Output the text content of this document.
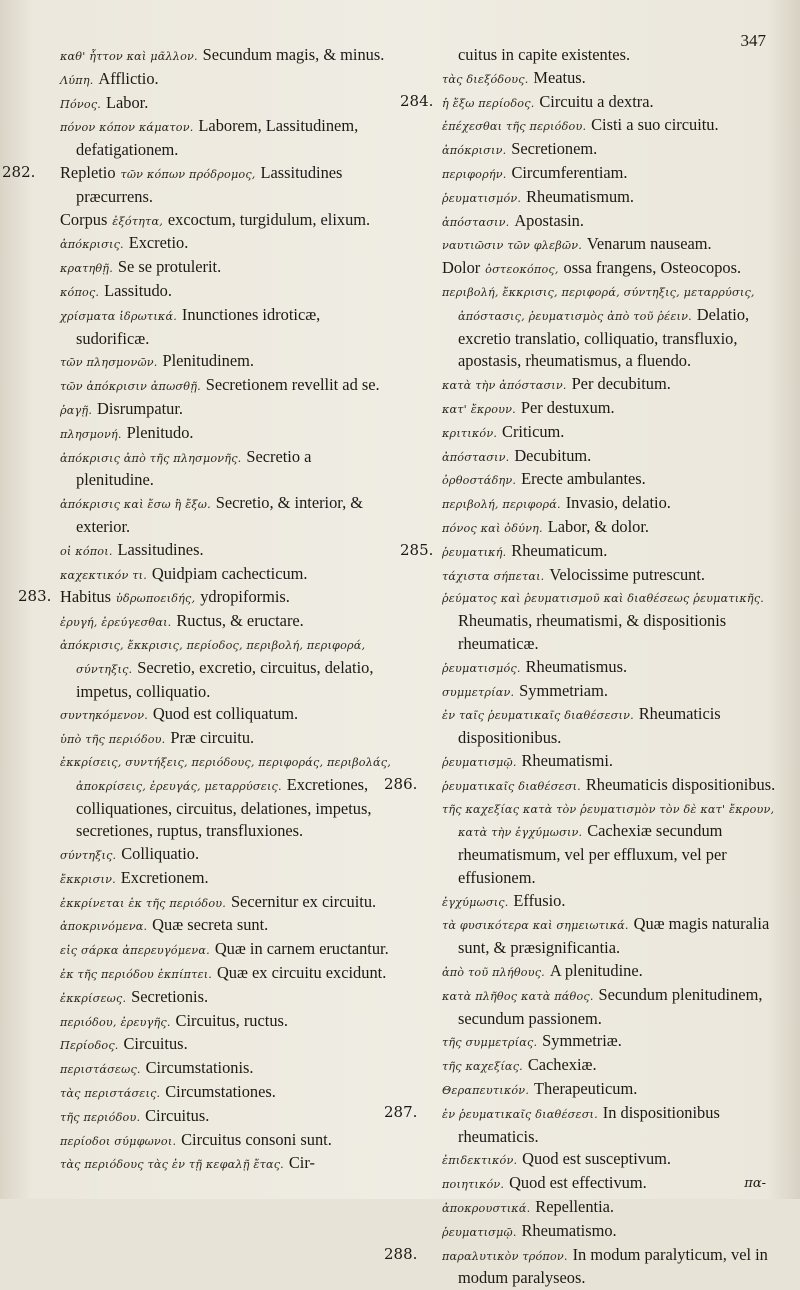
347
καθ' ἧττον καὶ μᾶλλον. Secundum magis, & minus.
Λύπη. Afflictio.
Πόνος. Labor.
πόνον κόπον κάματον. Laborem, Lassitudinem, defatigationem.
282.	Repletio τῶν κόπων πρόδρομος, Lassitudines præcurrens.
Corpus ἐξότητα, excoctum, turgidulum, elixum.
ἀπόκρισις. Excretio.
κρατηθῇ. Se se protulerit.
κόπος. Lassitudo.
χρίσματα ἱδρωτικά. Inunctiones idroticæ, sudorificæ.
τῶν πλησμονῶν. Plenitudinem.
τῶν ἀπόκρισιν ἀπωσθῇ. Secretionem revellit ad se.
ῥαγῇ. Disrumpatur.
πλησμονή. Plenitudo.
ἀπόκρισις ἀπὸ τῆς πλησμονῆς. Secretio a plenitudine.
ἀπόκρισις καὶ ἔσω ἢ ἔξω. Secretio, & interior, & exterior.
οἱ κόποι. Lassitudines.
καχεκτικόν τι. Quidpiam cachecticum.
283. Habitus ὑδρωποειδής, ydropiformis.
ἐρυγή, ἐρεύγεσθαι. Ructus, & eructare.
ἀπόκρισις, ἔκκρισις, περίοδος, περιβολή, περιφορά, σύντηξις. Secretio, excretio, circuitus, delatio, impetus, colliquatio.
συντηκόμενον. Quod est colliquatum.
ὑπὸ τῆς περιόδου. Præ circuitu.
ἐκκρίσεις, συντήξεις, περιόδους, περιφοράς, περιβολάς, ἀποκρίσεις, ἐρευγάς, μεταρρύσεις. Excretiones, colliquationes, circuitus, delationes, impetus, secretiones, ruptus, transfluxiones.
σύντηξις. Colliquatio.
ἔκκρισιν. Excretionem.
ἐκκρίνεται ἐκ τῆς περιόδου. Secernitur ex circuitu.
ἀποκρινόμενα. Quæ secreta sunt.
εἰς σάρκα ἀπερευγόμενα. Quæ in carnem eructantur.
ἐκ τῆς περιόδου ἐκπίπτει. Quæ ex circuitu excidunt.
ἐκκρίσεως. Secretionis.
περιόδου, ἐρευγῆς. Circuitus, ructus.
Περίοδος. Circuitus.
περιστάσεως. Circumstationis.
τὰς περιστάσεις. Circumstationes.
τῆς περιόδου. Circuitus.
περίοδοι σύμφωνοι. Circuitus consoni sunt.
τὰς περιόδους τὰς ἐν τῇ κεφαλῇ ἔτας. Cir-
cuitus in capite existentes.
τὰς διεξόδους. Meatus.
284. ἡ ἔξω περίοδος. Circuitu a dextra.
ἐπέχεσθαι τῆς περιόδου. Cisti a suo circuitu.
ἀπόκρισιν. Secretionem.
περιφορήν. Circumferentiam.
ῥευματισμόν. Rheumatismum.
ἀπόστασιν. Apostasin.
ναυτιῶσιν τῶν φλεβῶν. Venarum nauseam.
Dolor ὀστεοκόπος, ossa frangens, Osteocopos.
περιβολή, ἔκκρισις, περιφορά, σύντηξις, μεταρρύσις, ἀπόστασις, ῥευματισμὸς ἀπὸ τοῦ ῥέειν. Delatio, excretio translatio, colliquatio, transfluxio, apostasis, rheumatismus, a fluendo.
κατὰ τὴν ἀπόστασιν. Per decubitum.
κατ' ἔκρουν. Per destuxum.
κριτικόν. Criticum.
ἀπόστασιν. Decubitum.
ὀρθοστάδην. Erecte ambulantes.
περιβολή, περιφορά. Invasio, delatio.
πόνος καὶ ὀδύνη. Labor, & dolor.
285. ῥευματική. Rheumaticum.
τάχιστα σήπεται. Velocissime putrescunt.
ῥεύματος καὶ ῥευματισμοῦ καὶ διαθέσεως ῥευματικῆς. Rheumatis, rheumatismi, & dispositionis rheumaticæ.
ῥευματισμός. Rheumatismus.
συμμετρίαν. Symmetriam.
ἐν ταῖς ῥευματικαῖς διαθέσεσιν. Rheumaticis dispositionibus.
ῥευματισμῷ. Rheumatismi.
286.	ῥευματικαῖς διαθέσεσι. Rheumaticis dispositionibus.
τῆς καχεξίας κατὰ τὸν ῥευματισμὸν τὸν δὲ κατ' ἔκρουν, κατὰ τὴν ἐγχύμωσιν. Cachexiæ secundum rheumatismum, vel per effluxum, vel per effusionem.
ἐγχύμωσις. Effusio.
τὰ φυσικότερα καὶ σημειωτικά. Quæ magis naturalia sunt, & præsignificantia.
ἀπὸ τοῦ πλήθους. A plenitudine.
κατὰ πλῆθος κατὰ πάθος. Secundum plenitudinem, secundum passionem.
τῆς συμμετρίας. Symmetriæ.
τῆς καχεξίας. Cachexiæ.
Θεραπευτικόν. Therapeuticum.
287.	ἐν ῥευματικαῖς διαθέσεσι. In dispositionibus rheumaticis.
ἐπιδεκτικόν. Quod est susceptivum.
ποιητικόν. Quod est effectivum.
ἀποκρουστικά. Repellentia.
ῥευματισμῷ. Rheumatismo.
288.	παραλυτικὸν τρόπον. In modum paralyticum, vel in modum paralyseos.
πα-
